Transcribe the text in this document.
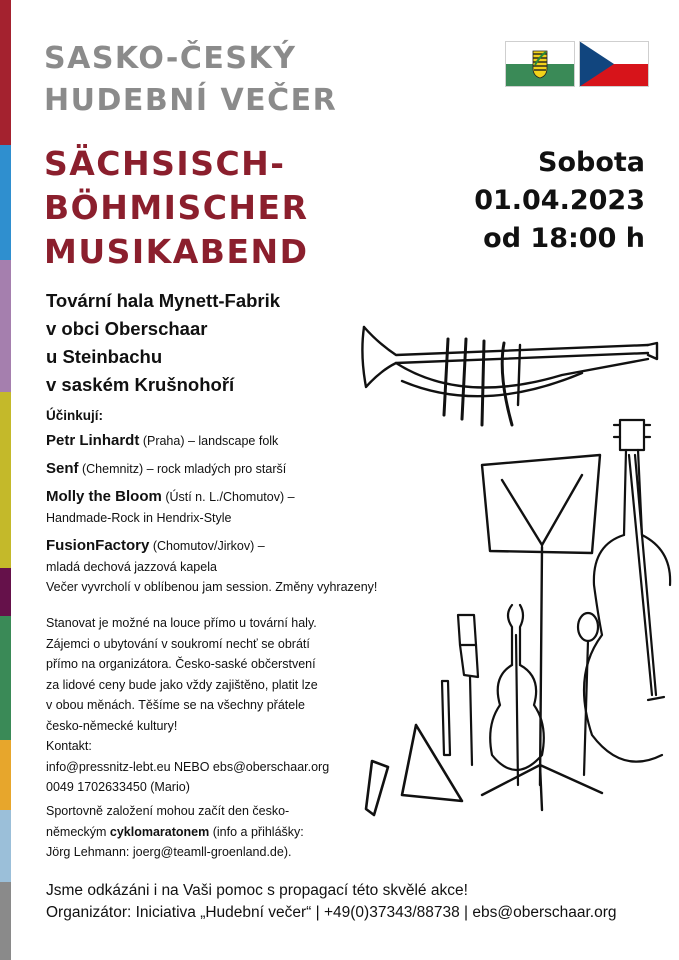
SASKO-ČESKÝ
HUDEBNÍ VEČER
SÄCHSISCH-
BÖHMISCHER
MUSIKABEND
Sobota
01.04.2023
od 18:00 h
Tovární hala Mynett-Fabrik
v obci Oberschaar
u Steinbachu
v saském Krušnohoří
Účinkují:
Petr Linhardt (Praha) – landscape folk
Senf (Chemnitz) – rock mladých pro starší
Molly the Bloom (Ústí n. L./Chomutov) –
Handmade-Rock in Hendrix-Style
FusionFactory (Chomutov/Jirkov) –
mladá dechová jazzová kapela
Večer vyvrcholí v oblíbenou jam session. Změny vyhrazeny!
Stanovat je možné na louce přímo u tovární haly.
Zájemci o ubytování v soukromí nechť se obrátí
přímo na organizátora. Česko-saské občerstvení
za lidové ceny bude jako vždy zajištěno, platit lze
v obou měnách. Těšíme se na všechny přátele
česko-německé kultury!
Kontakt:
info@pressnitz-lebt.eu NEBO ebs@oberschaar.org
0049 1702633450 (Mario)
Sportovně založení mohou začít den česko-
německým cyklomaratonem (info a přihlášky:
Jörg Lehmann: joerg@teamll-groenland.de).
Jsme odkázáni i na Vaši pomoc s propagací této skvělé akce!
Organizátor: Iniciativa „Hudební večer“ | +49(0)37343/88738 | ebs@oberschaar.org
